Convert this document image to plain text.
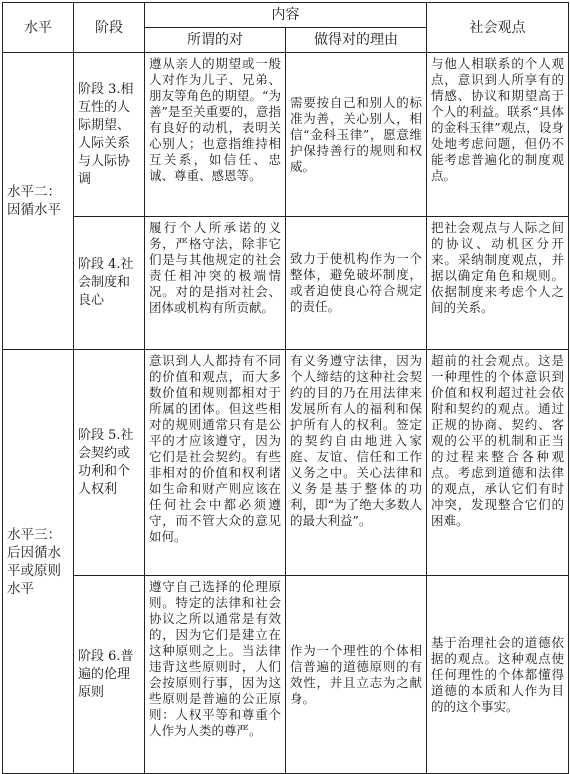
水平	阶段	内容		社会观点
		所谓的对	做得对的理由	
水平二：因循水平	阶段 3.相互性的人际期望、人际关系与人际协调	遵从亲人的期望或一般人对作为儿子、兄弟、朋友等角色的期望。“为善”是至关重要的，意指有良好的动机，表明关心别人；也意指维持相互关系，如信任、忠诚、尊重、感恩等。	需要按自己和别人的标准为善，关心别人，相信“金科玉律”，愿意维护保持善行的规则和权威。	与他人相联系的个人观点，意识到人所享有的情感、协议和期望高于个人的利益。联系“具体的金科玉律”观点，设身处地考虑问题，但仍不能考虑普遍化的制度观点。
	阶段 4.社会制度和良心	履行个人所承诺的义务，严格守法，除非它们是与其他规定的社会责任相冲突的极端情况。对的是指对社会、团体或机构有所贡献。	致力于使机构作为一个整体，避免破坏制度，或者迫使良心符合规定的责任。	把社会观点与人际之间的协议、动机区分开来。采纳制度观点，并据以确定角色和规则。依据制度来考虑个人之间的关系。
水平三：后因循水平或原则水平	阶段 5.社会契约或功利和个人权利	意识到人人都持有不同的价值和观点，而大多数价值和规则都相对于所属的团体。但这些相对的规则通常只有是公平的才应该遵守，因为它们是社会契约。有些非相对的价值和权利诸如生命和财产则应该在任何社会中都必须遵守，而不管大众的意见如何。	有义务遵守法律，因为个人缔结的这种社会契约的目的乃在用法律来发展所有人的福利和保护所有人的权利。签定的契约自由地进入家庭、友谊、信任和工作义务之中。关心法律和义务是基于整体的功利，即“为了绝大多数人的最大利益”。	超前的社会观点。这是一种理性的个体意识到价值和权利超过社会依附和契约的观点。通过正规的协商、契约、客观的公平的机制和正当的过程来整合各种观点。考虑到道德和法律的观点，承认它们有时冲突，发现整合它们的困难。
	阶段 6.普遍的伦理原则	遵守自己选择的伦理原则。特定的法律和社会协议之所以通常是有效的，因为它们是建立在这种原则之上。当法律违背这些原则时，人们会按原则行事，因为这些原则是普遍的公正原则：人权平等和尊重个人作为人类的尊严。	作为一个理性的个体相信普遍的道德原则的有效性，并且立志为之献身。	基于治理社会的道德依据的观点。这种观点使任何理性的个体都懂得道德的本质和人作为目的的这个事实。
